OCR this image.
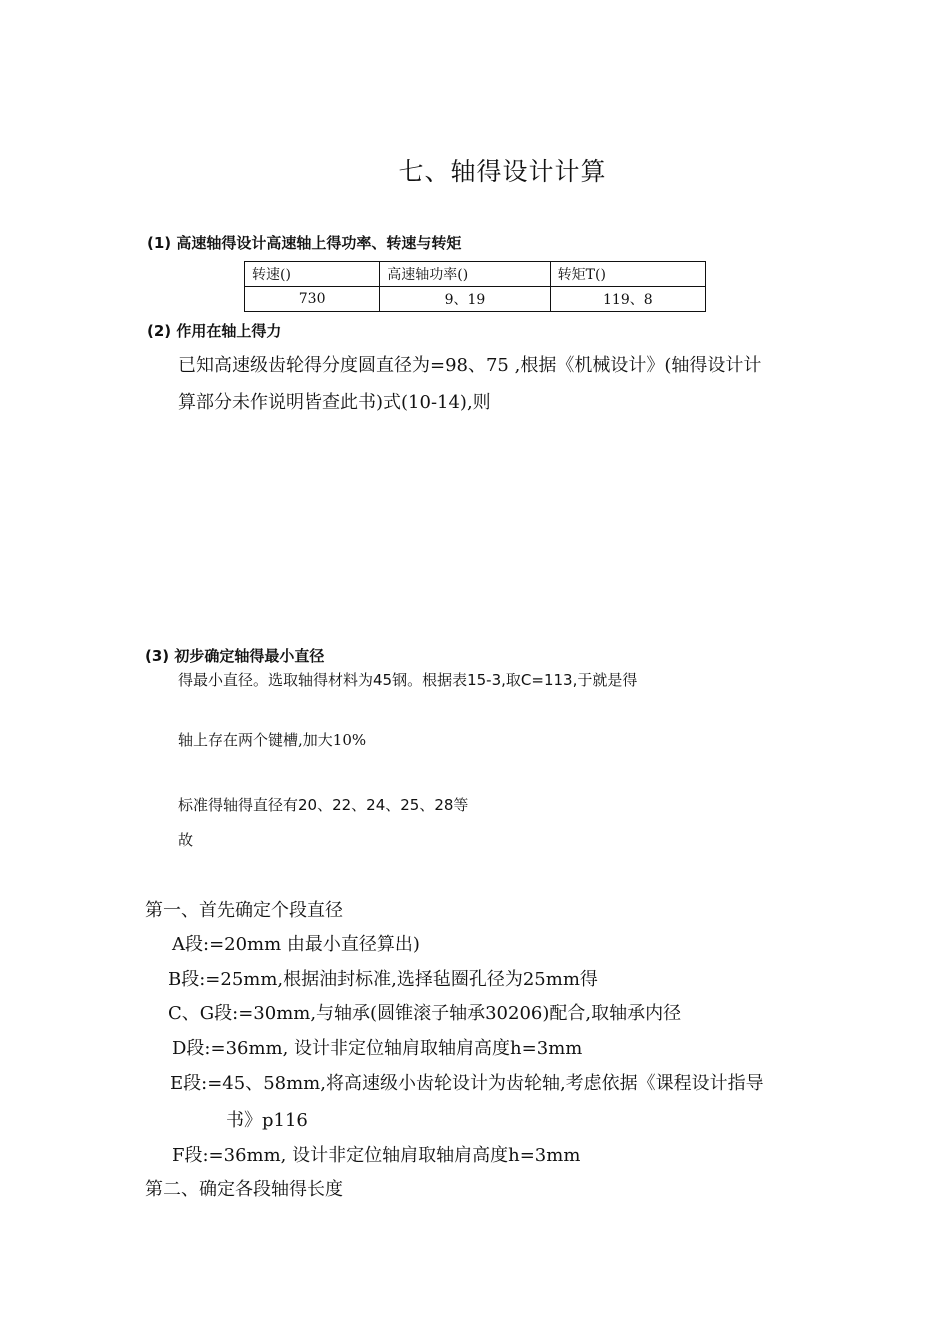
七、轴得设计计算
(1) 高速轴得设计高速轴上得功率、转速与转矩
转速()	高速轴功率()	转矩T()
730	9、19	119、8
(2) 作用在轴上得力
已知高速级齿轮得分度圆直径为=98、75 ,根据《机械设计》(轴得设计计
算部分未作说明皆查此书)式(10-14),则
(3) 初步确定轴得最小直径
得最小直径。选取轴得材料为45钢。根据表15-3,取C=113,于就是得
轴上存在两个键槽,加大10%
标准得轴得直径有20、22、24、25、28等
故
第一、首先确定个段直径
A段:=20mm 由最小直径算出)
B段:=25mm,根据油封标准,选择毡圈孔径为25mm得
C、G段:=30mm,与轴承(圆锥滚子轴承30206)配合,取轴承内径
D段:=36mm, 设计非定位轴肩取轴肩高度h=3mm
E段:=45、58mm,将高速级小齿轮设计为齿轮轴,考虑依据《课程设计指导
书》p116
F段:=36mm, 设计非定位轴肩取轴肩高度h=3mm
第二、确定各段轴得长度
